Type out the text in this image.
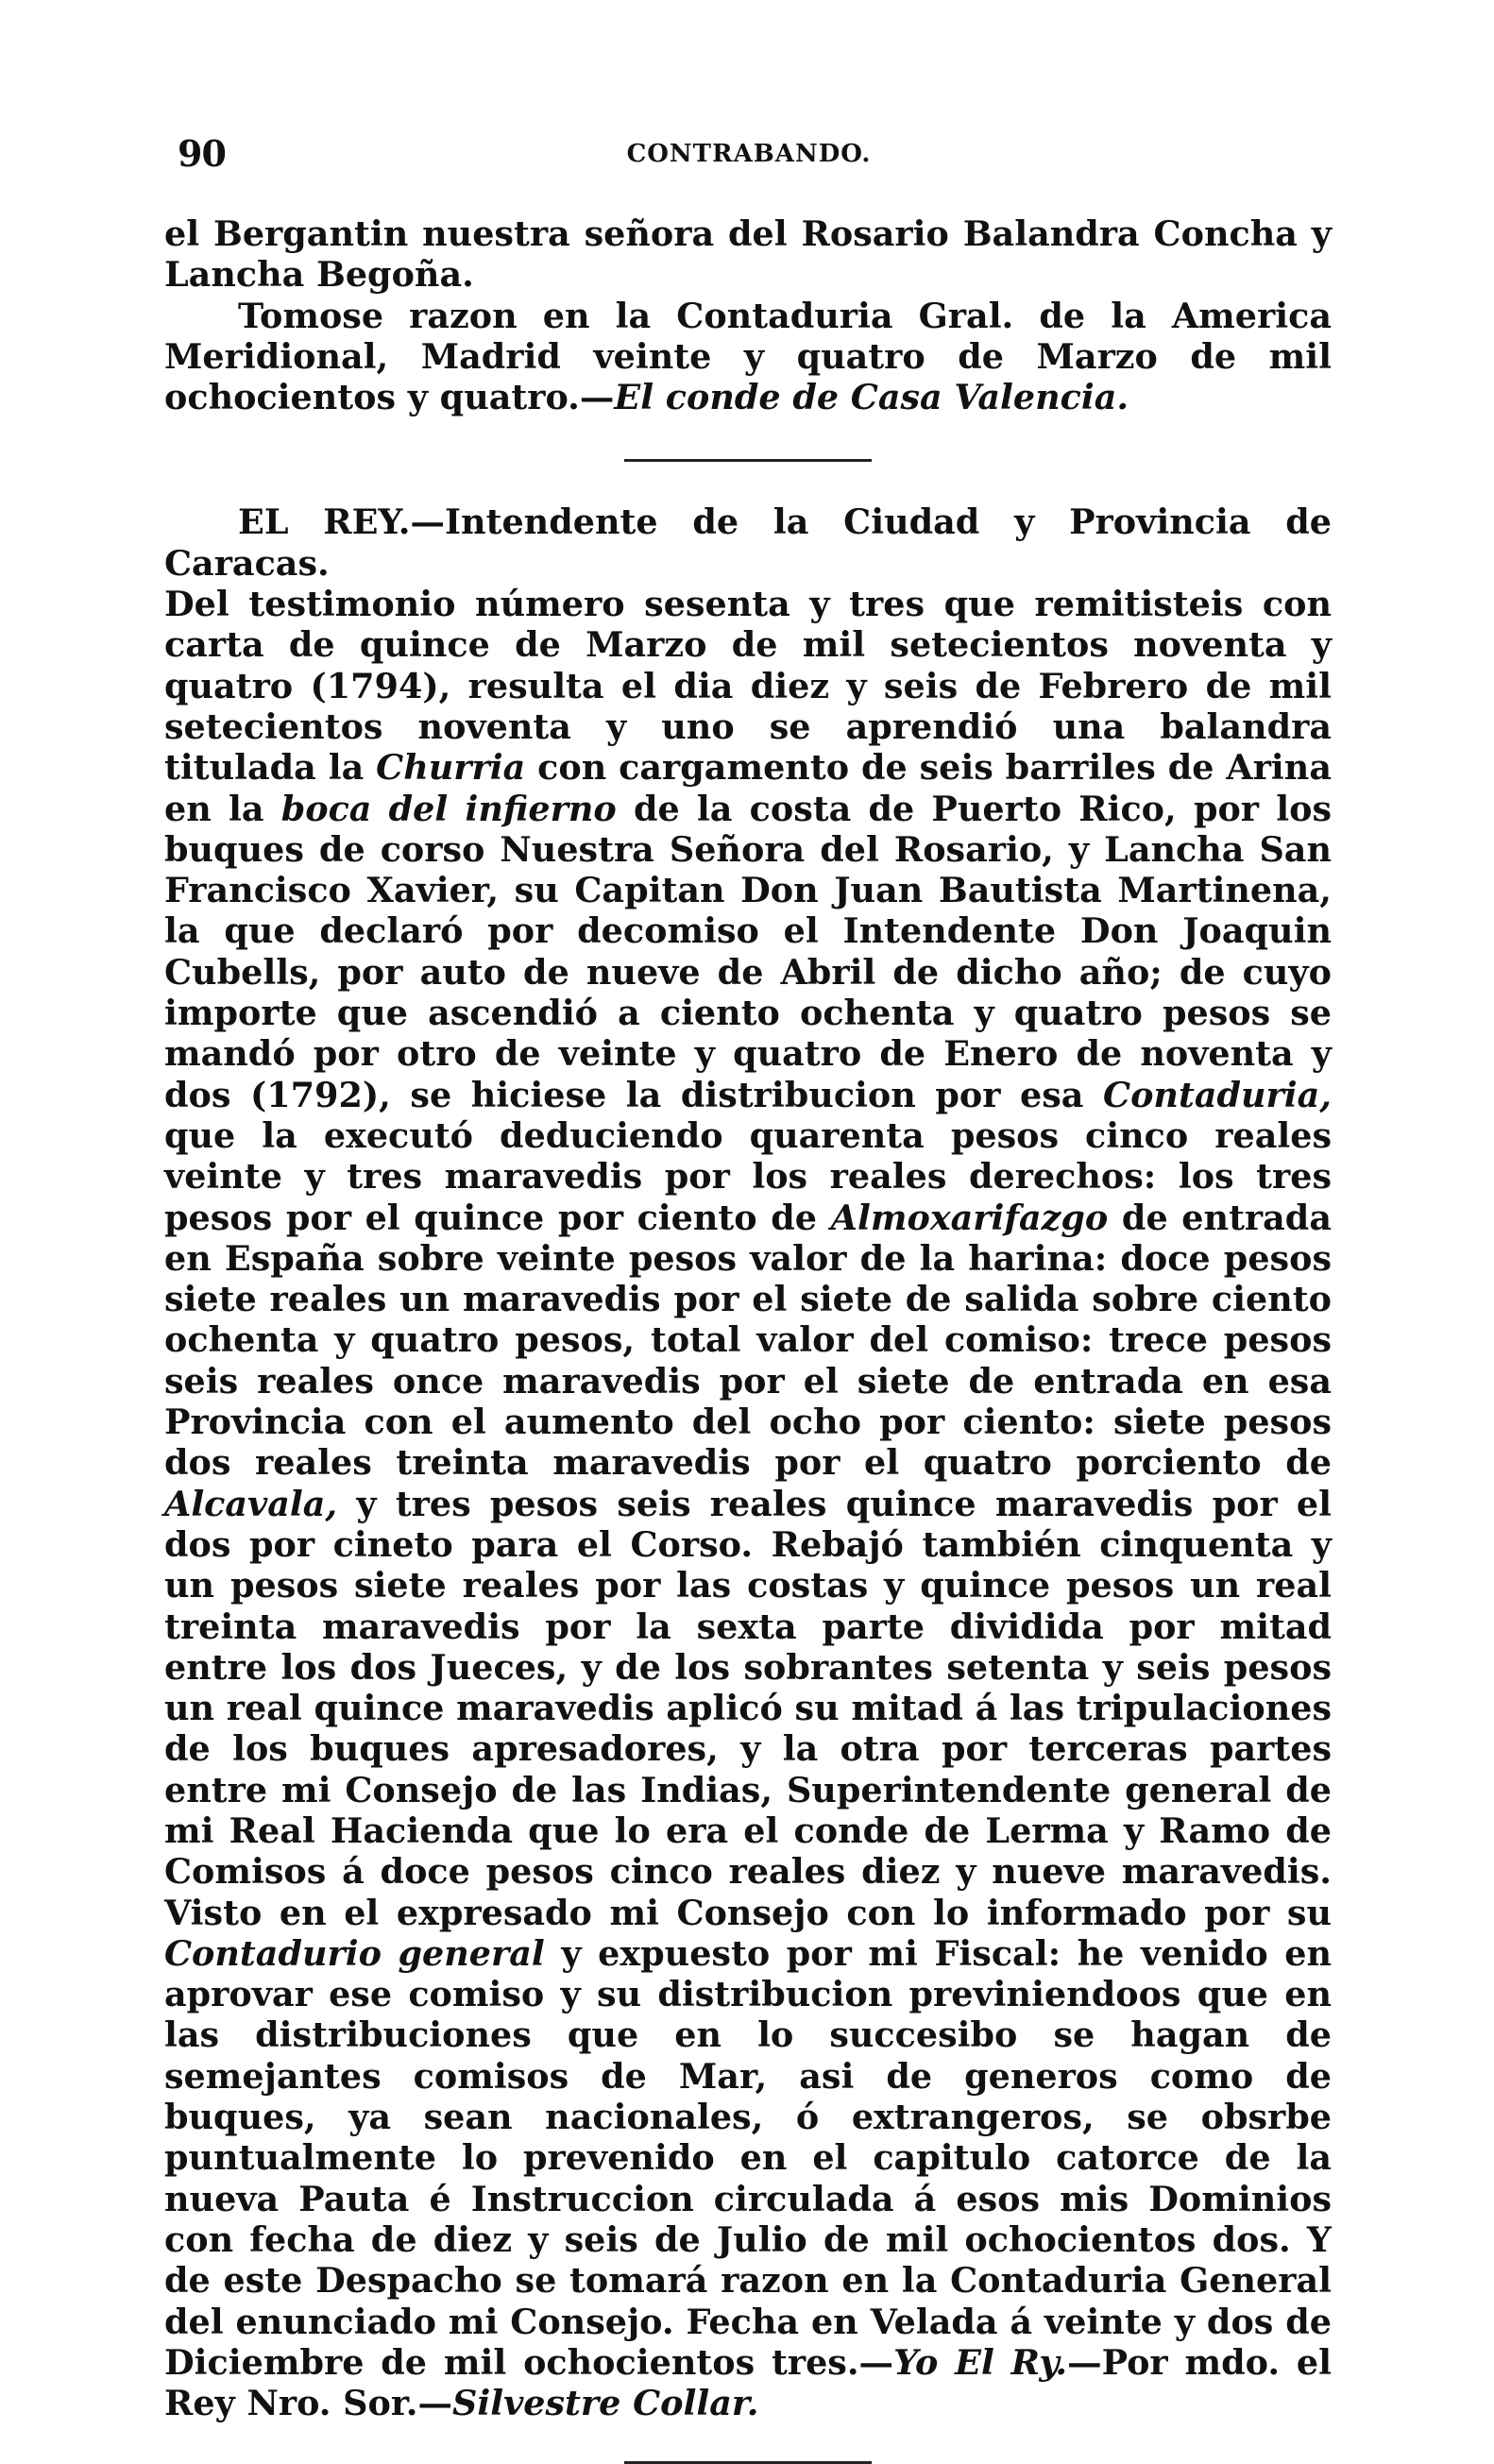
90	CONTRABANDO.

el Bergantin nuestra señora del Rosario Balandra Concha y Lancha Begoña.

Tomose razon en la Contaduria Gral. de la America Meridional, Madrid veinte y quatro de Marzo de mil ochocientos y quatro.—El conde de Casa Valencia.

EL REY.—Intendente de la Ciudad y Provincia de Caracas.

Del testimonio número sesenta y tres que remitisteis con carta de quince de Marzo de mil setecientos noventa y quatro (1794), resulta el dia diez y seis de Febrero de mil setecientos noventa y uno se aprendió una balandra titulada la Churria con cargamento de seis barriles de Arina en la boca del infierno de la costa de Puerto Rico, por los buques de corso Nuestra Señora del Rosario, y Lancha San Francisco Xavier, su Capitan Don Juan Bautista Martinena, la que declaró por decomiso el Intendente Don Joaquin Cubells, por auto de nueve de Abril de dicho año; de cuyo importe que ascendió a ciento ochenta y quatro pesos se mandó por otro de veinte y quatro de Enero de noventa y dos (1792), se hiciese la distribucion por esa Contaduria, que la executó deduciendo quarenta pesos cinco reales veinte y tres maravedis por los reales derechos: los tres pesos por el quince por ciento de Almoxarifazgo de entrada en España sobre veinte pesos valor de la harina: doce pesos siete reales un maravedis por el siete de salida sobre ciento ochenta y quatro pesos, total valor del comiso: trece pesos seis reales once maravedis por el siete de entrada en esa Provincia con el aumento del ocho por ciento: siete pesos dos reales treinta maravedis por el quatro porciento de Alcavala, y tres pesos seis reales quince maravedis por el dos por cineto para el Corso. Rebajó también cinquenta y un pesos siete reales por las costas y quince pesos un real treinta maravedis por la sexta parte dividida por mitad entre los dos Jueces, y de los sobrantes setenta y seis pesos un real quince maravedis aplicó su mitad á las tripulaciones de los buques apresadores, y la otra por terceras partes entre mi Consejo de las Indias, Superintendente general de mi Real Hacienda que lo era el conde de Lerma y Ramo de Comisos á doce pesos cinco reales diez y nueve maravedis. Visto en el expresado mi Consejo con lo informado por su Contadurio general y expuesto por mi Fiscal: he venido en aprovar ese comiso y su distribucion previniendoos que en las distribuciones que en lo succesibo se hagan de semejantes comisos de Mar, asi de generos como de buques, ya sean nacionales, ó extrangeros, se obsrbe puntualmente lo prevenido en el capitulo catorce de la nueva Pauta é Instruccion circulada á esos mis Dominios con fecha de diez y seis de Julio de mil ochocientos dos. Y de este Despacho se tomará razon en la Contaduria General del enunciado mi Consejo. Fecha en Velada á veinte y dos de Diciembre de mil ochocientos tres.—Yo El Ry.—Por mdo. el Rey Nro. Sor.—Silvestre Collar.
